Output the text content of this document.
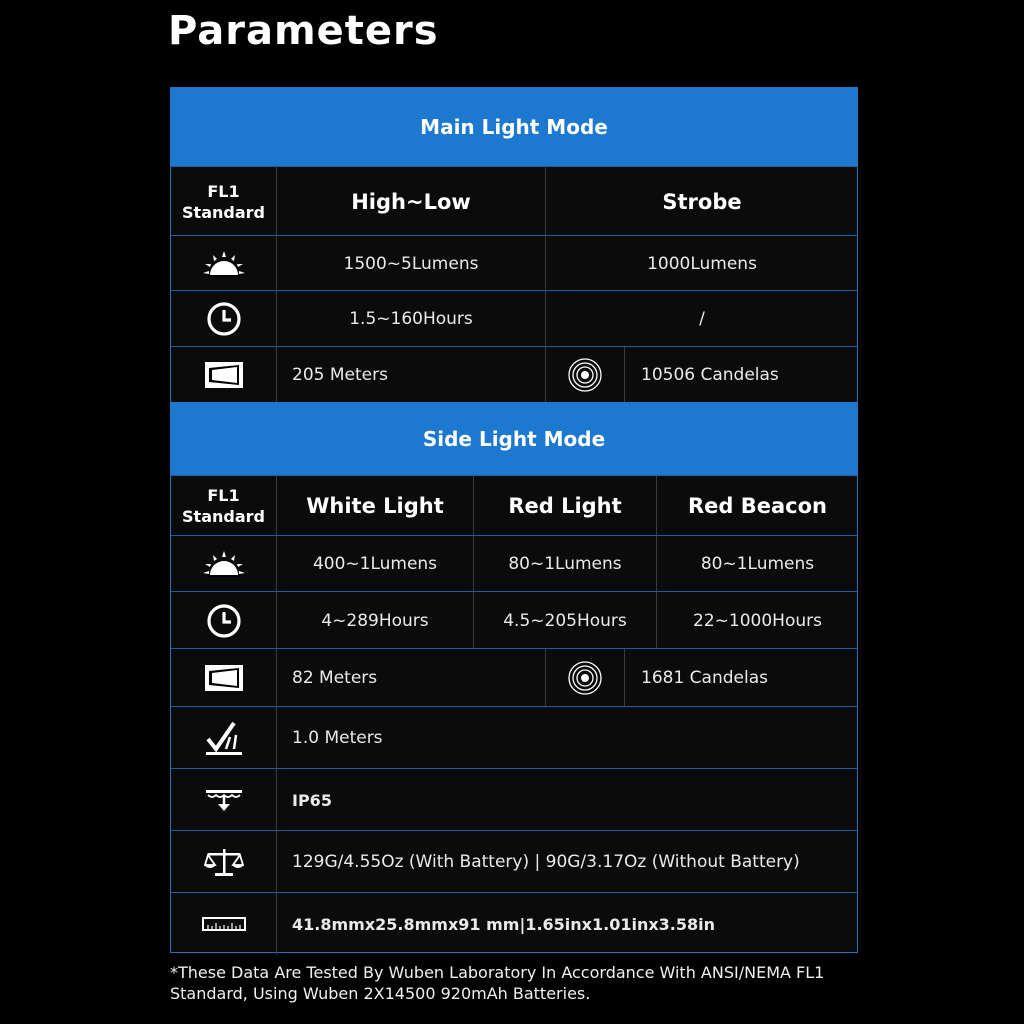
Parameters
Main Light Mode
FL1
Standard	High~Low	Strobe
1500~5Lumens	1000Lumens
1.5~160Hours	/
205 Meters	10506 Candelas
Side Light Mode
FL1
Standard	White Light	Red Light	Red Beacon
400~1Lumens	80~1Lumens	80~1Lumens
4~289Hours	4.5~205Hours	22~1000Hours
82 Meters	1681 Candelas
1.0 Meters
IP65
129G/4.55Oz (With Battery) | 90G/3.17Oz (Without Battery)
41.8mmx25.8mmx91 mm|1.65inx1.01inx3.58in
*These Data Are Tested By Wuben Laboratory In Accordance With ANSI/NEMA FL1
Standard, Using Wuben 2X14500 920mAh Batteries.
